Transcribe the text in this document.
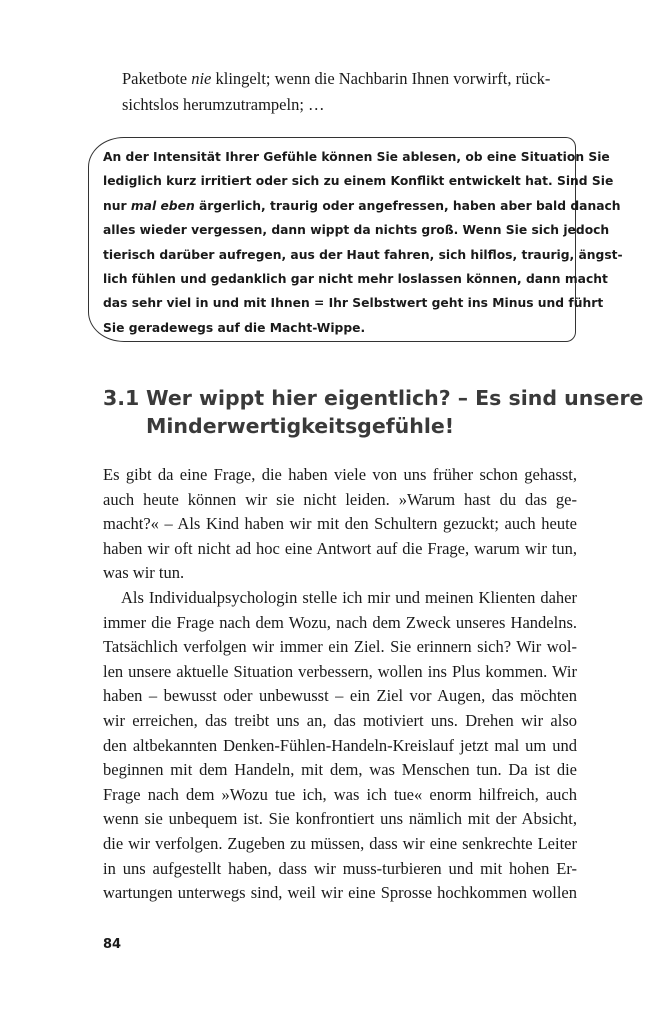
Paketbote nie klingelt; wenn die Nachbarin Ihnen vorwirft, rück-
sichtslos herumzutrampeln; …
An der Intensität Ihrer Gefühle können Sie ablesen, ob eine Situation Sie
lediglich kurz irritiert oder sich zu einem Konflikt entwickelt hat. Sind Sie
nur mal eben ärgerlich, traurig oder angefressen, haben aber bald danach
alles wieder vergessen, dann wippt da nichts groß. Wenn Sie sich jedoch
tierisch darüber aufregen, aus der Haut fahren, sich hilflos, traurig, ängst-
lich fühlen und gedanklich gar nicht mehr loslassen können, dann macht
das sehr viel in und mit Ihnen = Ihr Selbstwert geht ins Minus und führt
Sie geradewegs auf die Macht-Wippe.
3.1 Wer wippt hier eigentlich? – Es sind unsere
Minderwertigkeitsgefühle!
Es gibt da eine Frage, die haben viele von uns früher schon gehasst,
auch heute können wir sie nicht leiden. »Warum hast du das ge-
macht?« – Als Kind haben wir mit den Schultern gezuckt; auch heute
haben wir oft nicht ad hoc eine Antwort auf die Frage, warum wir tun,
was wir tun.
Als Individualpsychologin stelle ich mir und meinen Klienten daher
immer die Frage nach dem Wozu, nach dem Zweck unseres Handelns.
Tatsächlich verfolgen wir immer ein Ziel. Sie erinnern sich? Wir wol-
len unsere aktuelle Situation verbessern, wollen ins Plus kommen. Wir
haben – bewusst oder unbewusst – ein Ziel vor Augen, das möchten
wir erreichen, das treibt uns an, das motiviert uns. Drehen wir also
den altbekannten Denken-Fühlen-Handeln-Kreislauf jetzt mal um und
beginnen mit dem Handeln, mit dem, was Menschen tun. Da ist die
Frage nach dem »Wozu tue ich, was ich tue« enorm hilfreich, auch
wenn sie unbequem ist. Sie konfrontiert uns nämlich mit der Absicht,
die wir verfolgen. Zugeben zu müssen, dass wir eine senkrechte Leiter
in uns aufgestellt haben, dass wir muss-turbieren und mit hohen Er-
wartungen unterwegs sind, weil wir eine Sprosse hochkommen wollen
84
